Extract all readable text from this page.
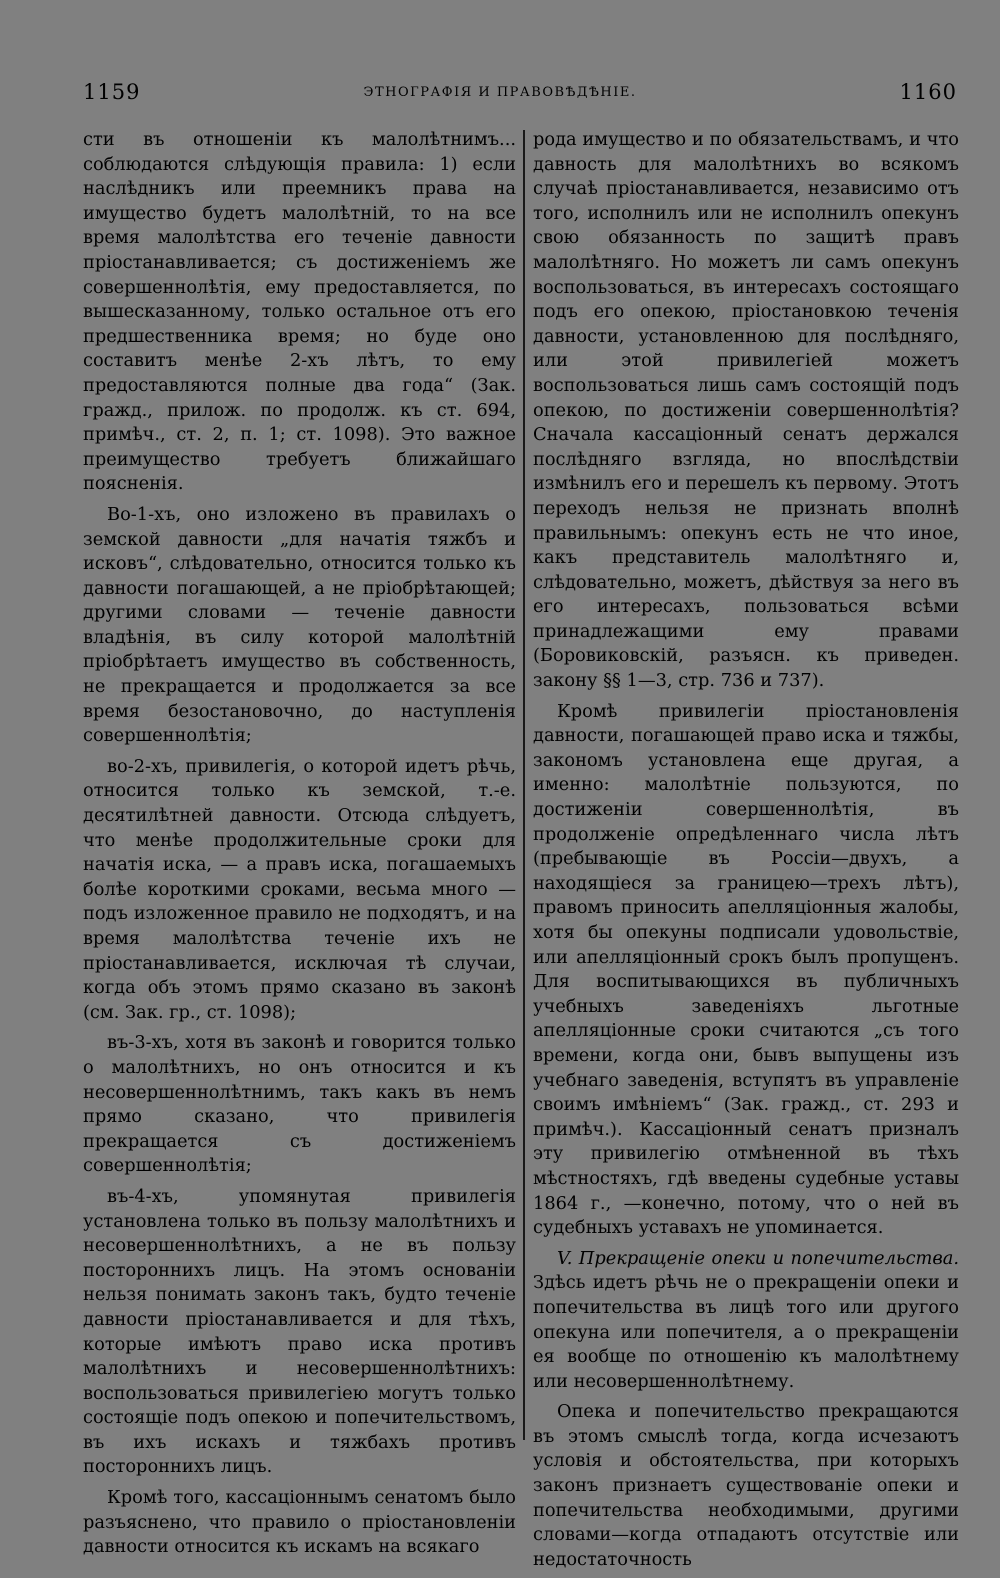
1159	ЭТНОГРАФІЯ И ПРАВОВѢДѢНІЕ.	1160

сти въ отношеніи къ малолѣтнимъ... соблюдаются слѣдующія правила: 1) если наслѣдникъ или преемникъ права на имущество будетъ малолѣтній, то на все время малолѣтства его теченіе давности пріостанавливается; съ достиженіемъ же совершеннолѣтія, ему предоставляется, по вышесказанному, только остальное отъ его предшественника время; но буде оно составитъ менѣе 2-хъ лѣтъ, то ему предоставляются полные два года“ (Зак. гражд., прилож. по продолж. къ ст. 694, примѣч., ст. 2, п. 1; ст. 1098). Это важное преимущество требуетъ ближайшаго поясненія.

Во-1-хъ, оно изложено въ правилахъ о земской давности „для начатія тяжбъ и исковъ“, слѣдовательно, относится только къ давности погашающей, а не пріобрѣтающей; другими словами — теченіе давности владѣнія, въ силу которой малолѣтній пріобрѣтаетъ имущество въ собственность, не прекращается и продолжается за все время безостановочно, до наступленія совершеннолѣтія;

во-2-хъ, привилегія, о которой идетъ рѣчь, относится только къ земской, т.-е. десятилѣтней давности. Отсюда слѣдуетъ, что менѣе продолжительные сроки для начатія иска, — а правъ иска, погашаемыхъ болѣе короткими сроками, весьма много — подъ изложенное правило не подходятъ, и на время малолѣтства теченіе ихъ не пріостанавливается, исключая тѣ случаи, когда объ этомъ прямо сказано въ законѣ (см. Зак. гр., ст. 1098);

въ-3-хъ, хотя въ законѣ и говорится только о малолѣтнихъ, но онъ относится и къ несовершеннолѣтнимъ, такъ какъ въ немъ прямо сказано, что привилегія прекращается съ достиженіемъ совершеннолѣтія;

въ-4-хъ, упомянутая привилегія установлена только въ пользу малолѣтнихъ и несовершеннолѣтнихъ, а не въ пользу постороннихъ лицъ. На этомъ основаніи нельзя понимать законъ такъ, будто теченіе давности пріостанавливается и для тѣхъ, которые имѣютъ право иска противъ малолѣтнихъ и несовершеннолѣтнихъ: воспользоваться привилегіею могутъ только состоящіе подъ опекою и попечительствомъ, въ ихъ искахъ и тяжбахъ противъ постороннихъ лицъ.

Кромѣ того, кассаціоннымъ сенатомъ было разъяснено, что правило о пріостановленіи давности относится къ искамъ на всякаго

рода имущество и по обязательствамъ, и что давность для малолѣтнихъ во всякомъ случаѣ пріостанавливается, независимо отъ того, исполнилъ или не исполнилъ опекунъ свою обязанность по защитѣ правъ малолѣтняго. Но можетъ ли самъ опекунъ воспользоваться, въ интересахъ состоящаго подъ его опекою, пріостановкою теченія давности, установленною для послѣдняго, или этой привилегіей можетъ воспользоваться лишь самъ состоящій подъ опекою, по достиженіи совершеннолѣтія? Сначала кассаціонный сенатъ держался послѣдняго взгляда, но впослѣдствіи измѣнилъ его и перешелъ къ первому. Этотъ переходъ нельзя не признать вполнѣ правильнымъ: опекунъ есть не что иное, какъ представитель малолѣтняго и, слѣдовательно, можетъ, дѣйствуя за него въ его интересахъ, пользоваться всѣми принадлежащими ему правами (Боровиковскій, разъясн. къ приведен. закону §§ 1—3, стр. 736 и 737).

Кромѣ привилегіи пріостановленія давности, погашающей право иска и тяжбы, закономъ установлена еще другая, а именно: малолѣтніе пользуются, по достиженіи совершеннолѣтія, въ продолженіе опредѣленнаго числа лѣтъ (пребывающіе въ Россіи—двухъ, а находящіеся за границею—трехъ лѣтъ), правомъ приносить апелляціонныя жалобы, хотя бы опекуны подписали удовольствіе, или апелляціонный срокъ былъ пропущенъ. Для воспитывающихся въ публичныхъ учебныхъ заведеніяхъ льготные апелляціонные сроки считаются „съ того времени, когда они, бывъ выпущены изъ учебнаго заведенія, вступятъ въ управленіе своимъ имѣніемъ“ (Зак. гражд., ст. 293 и примѣч.). Кассаціонный сенатъ призналъ эту привилегію отмѣненной въ тѣхъ мѣстностяхъ, гдѣ введены судебные уставы 1864 г., —конечно, потому, что о ней въ судебныхъ уставахъ не упоминается.

V. Прекращеніе опеки и попечительства. Здѣсь идетъ рѣчь не о прекращеніи опеки и попечительства въ лицѣ того или другого опекуна или попечителя, а о прекращеніи ея вообще по отношенію къ малолѣтнему или несовершеннолѣтнему.

Опека и попечительство прекращаются въ этомъ смыслѣ тогда, когда исчезаютъ условія и обстоятельства, при которыхъ законъ признаетъ существованіе опеки и попечительства необходимыми, другими словами—когда отпадаютъ отсутствіе или недостаточность
